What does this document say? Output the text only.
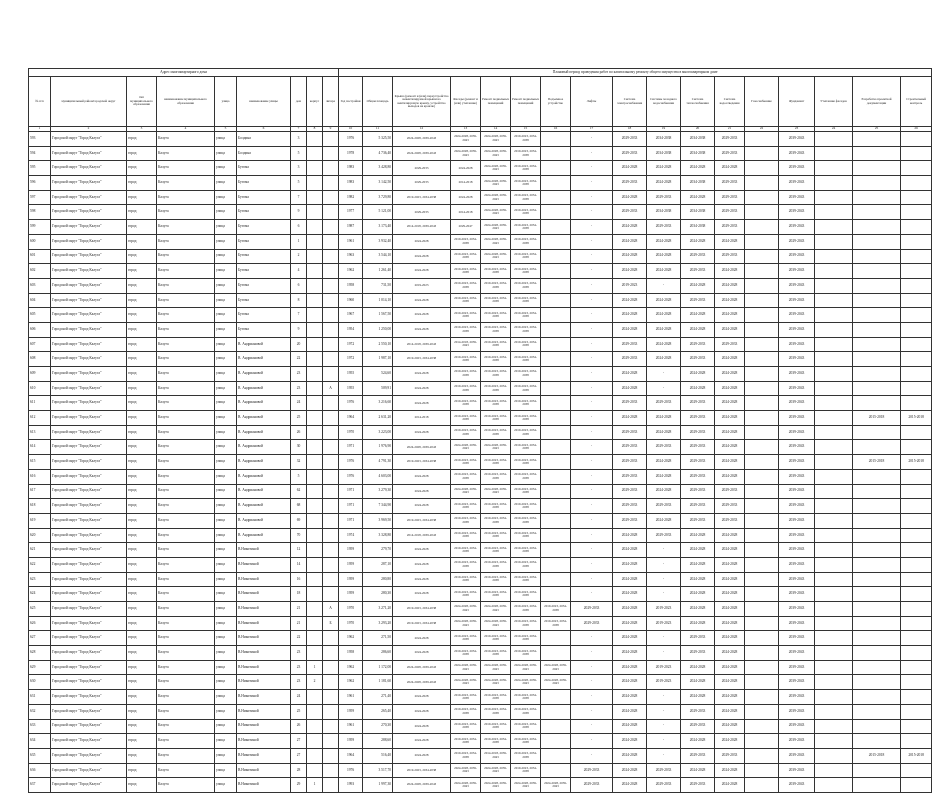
Адрес многоквартирного дома									Плановый период проведения работ по капитальному ремонту общего имущества в многоквартирном доме																
№ п/п	муниципальный район/городской округ	тип муниципального образования	наименование муниципального образования	улица	наименование улицы	дом	корпус	литера	Год постройки	Общая площадь	Крыша (ремонт и (или) переустройство невентилируемой крыши на вентилируемую крышу, устройство выходов на кровлю)	Фасады (ремонт и (или) утепление)	Ремонт подвальных помещений	Ремонт подвальных помещений	Подъемное устройство	Лифты	Система электроснабжения	Системы холодного водоснабжения	Система теплоснабжения	Система водоотведения	Газоснабжение	Фундамент	Утепление фасадов	Разработка проектной документации	Строительный контроль
1	2	3	4	5	6	7	8	9	10	11	12	13	14	15	16	17	18	19	20	21	22	23	24	25	26
593	Городской округ "Город Калуга"	город	Калуга	улица	Болдина	3			1976	5 325,50	2024-2028, 2039-2043	2024-2028, 2039-2043	2024-2028, 2039-2043	2019-2023, 2034-2038		-	2029-2033	2034-2038	2034-2038	2029-2033		2039-2043			
594	Городской округ "Город Калуга"	город	Калуга	улица	Болдина	5			1978	4 736,40	2024-2028, 2039-2043	2024-2028, 2039-2043	2024-2028, 2039-2043	2019-2023, 2034-2038		-	2029-2033	2034-2038	2034-2038	2029-2033		2039-2043			
595	Городской округ "Город Калуга"	город	Калуга	улица	Бутома	3			1983	3 428,80	2029-2033	2024-2028	2024-2028, 2039-2043	2019-2023, 2034-2038		-	2024-2028	2024-2028	2024-2028	2024-2028		2039-2043			
596	Городской округ "Город Калуга"	город	Калуга	улица	Бутома	5			1983	3 142,50	2029-2033	2014-2018	2024-2028, 2039-2043	2019-2023, 2034-2038		-	2029-2033	2024-2028	2034-2038	2029-2033		2039-2043			
597	Городской округ "Город Калуга"	город	Калуга	улица	Бутома	7			1982	3 729,80	2019-2023, 2034-2038	2024-2028	2024-2028, 2039-2043	2019-2023, 2034-2038		-	2024-2028	2029-2033	2024-2028	2029-2033		2039-2043			
598	Городской округ "Город Калуга"	город	Калуга	улица	Бутома	9			1977	5 121,00	2029-2033	2014-2018	2024-2028, 2039-2043	2019-2023, 2034-2038		-	2029-2033	2034-2038	2034-2038	2029-2033		2039-2043			
599	Городской округ "Город Калуга"	город	Калуга	улица	Бутома	6			1987	3 173,40	2014-2018, 2039-2043	2029-2047	2024-2028, 2039-2043	2019-2023, 2034-2038		-	2024-2028	2029-2033	2034-2038	2029-2033		2039-2043			
600	Городской округ "Город Калуга"	город	Калуга	улица	Бутома	1			1961	3 932,40	2024-2028	2019-2023, 2034-2038	2024-2028, 2039-2043	2019-2023, 2034-2038		-	2024-2028	2024-2028	2024-2028	2024-2028		2029-2043			
601	Городской округ "Город Калуга"	город	Калуга	улица	Бутома	2			1963	3 544,10	2024-2028	2019-2023, 2034-2038	2024-2028, 2039-2043	2019-2023, 2034-2038		-	2024-2028	2024-2028	2029-2033	2029-2033		2039-2043			
602	Городской округ "Город Калуга"	город	Калуга	улица	Бутома	4			1962	1 261,40	2024-2028	2019-2023, 2034-2038	2019-2023, 2034-2038	2019-2023, 2034-2038		-	2024-2028	2024-2028	2029-2033	2024-2028		2039-2043			
603	Городской округ "Город Калуга"	город	Калуга	улица	Бутома	6			1958	731,50	2019-2023	2019-2023, 2034-2038	2019-2023, 2034-2038	2019-2023, 2034-2038		-	2019-2023	-	2024-2028	2024-2028		2039-2043			
604	Городской округ "Город Калуга"	город	Калуга	улица	Бутома	8			1960	1 014,10	2024-2028	2019-2023, 2034-2038	2019-2023, 2034-2038	2019-2023, 2034-2038		-	2024-2028	2024-2028	2029-2033	2024-2028		2039-2043			
605	Городской округ "Город Калуга"	город	Калуга	улица	Бутома	7			1967	1 567,50	2024-2028	2019-2023, 2034-2038	2019-2023, 2034-2038	2019-2023, 2034-2038		-	2024-2028	2024-2028	2024-2028	2024-2028		2039-2043			
606	Городской округ "Город Калуга"	город	Калуга	улица	Бутома	9			1954	1 250,00	2024-2028	2019-2023, 2034-2038	2019-2023, 2034-2038	2019-2023, 2034-2038		-	2024-2028	2024-2028	2024-2028	2024-2028		2039-2043			
607	Городской округ "Город Калуга"	город	Калуга	улица	В. Андриановой	20			1972	2 550,10	2014-2018, 2039-2043	2014-2018, 2039-2043	2019-2023, 2034-2038	2019-2023, 2034-2038		-	2029-2033	2024-2028	2029-2033	2029-2033		2039-2043			
608	Городской округ "Город Калуга"	город	Калуга	улица	В. Андриановой	22			1972	1 987,10	2019-2023, 2034-2038	2019-2023, 2034-2038	2019-2023, 2034-2038	2019-2023, 2034-2038		-	2029-2033	2024-2028	2029-2033	2024-2028		2039-2043			
609	Городской округ "Город Калуга"	город	Калуга	улица	В. Андриановой	23			1955	524,60	2024-2028	2019-2023, 2034-2038	2019-2023, 2034-2038	2019-2023, 2034-2038		-	2024-2028	-	2024-2028	2024-2028		2039-2043			
610	Городской округ "Город Калуга"	город	Калуга	улица	В. Андриановой	23		А	1955	509,91	2024-2028	2019-2023, 2034-2038	2019-2023, 2034-2038	2019-2023, 2034-2038		-	2024-2028	-	2024-2028	2024-2028		2039-2043			
611	Городской округ "Город Калуга"	город	Калуга	улица	В. Андриановой	24			1976	3 216,60	2024-2028	2019-2023, 2034-2038	2019-2023, 2034-2038	2019-2023, 2034-2038		-	2029-2033	2029-2033	2029-2033	2024-2028		2039-2043			
612	Городской округ "Город Калуга"	город	Калуга	улица	В. Андриановой	25			1964	2 631,20	2014-2018	2019-2023, 2034-2038	2019-2023, 2034-2038	2019-2023, 2034-2038		-	2024-2028	2024-2028	2029-2033	2024-2028		2039-2043		2015-2018	2015-2018
613	Городской округ "Город Калуга"	город	Калуга	улица	В. Андриановой	26			1970	3 223,00	2024-2028	2019-2023, 2034-2038	2019-2023, 2034-2038	2019-2023, 2034-2038		-	2029-2033	2024-2028	2029-2033	2024-2028		2039-2043			
614	Городской округ "Город Калуга"	город	Калуга	улица	В. Андриановой	30			1971	1 976,90	2024-2028, 2039-2043	2024-2028, 2039-2043	2024-2028, 2039-2043	2019-2023, 2034-2038		-	2029-2033	2029-2033	2029-2033	2024-2028		2039-2043			
615	Городской округ "Город Калуга"	город	Калуга	улица	В. Андриановой	32			1976	4 791,30	2019-2023, 2034-2038	2019-2023, 2034-2038	2019-2023, 2034-2038	2019-2023, 2034-2038		-	2029-2033	2024-2028	2029-2033	2024-2028		2039-2043		2015-2018	2015-2018
616	Городской округ "Город Калуга"	город	Калуга	улица	В. Андриановой	5			1976	4 603,00	2024-2028	2019-2023, 2034-2038	2019-2023, 2034-2038	2019-2023, 2034-2038		-	2029-2033	2024-2028	2029-2033	2024-2028		2039-2043			
617	Городской округ "Город Калуга"	город	Калуга	улица	В. Андриановой	62			1971	3 279,30	2024-2028	2024-2028, 2039-2043	2024-2028, 2039-2043	2019-2023, 2034-2038		-	2029-2033	2024-2028	2029-2033	2029-2033		2039-2043			
618	Городской округ "Город Калуга"	город	Калуга	улица	В. Андриановой	68			1971	7 344,90	2024-2028	2019-2023, 2034-2038	2019-2023, 2034-2038	2019-2023, 2034-2038		-	2029-2033	2029-2033	2029-2033	2029-2033		2039-2043			
619	Городской округ "Город Калуга"	город	Калуга	улица	В. Андриановой	69			1971	3 969,50	2019-2023, 2034-2038	2019-2023, 2034-2038	2019-2023, 2034-2038	2019-2023, 2034-2038		-	2029-2033	2024-2028	2029-2033	2029-2033		2039-2043			
620	Городской округ "Город Калуга"	город	Калуга	улица	В. Андриановой	70			1974	3 328,80	2014-2018, 2039-2043	2019-2023, 2034-2038	2019-2023, 2034-2038	2019-2023, 2034-2038		-	2024-2028	2029-2033	2024-2028	2024-2028		2039-2043			
621	Городской округ "Город Калуга"	город	Калуга	улица	В.Никитиной	12			1959	279,70	2024-2028	2019-2023, 2034-2038	2019-2023, 2034-2038	2019-2023, 2034-2038		-	2024-2028	-	2024-2028	2024-2028		2039-2043			
622	Городской округ "Город Калуга"	город	Калуга	улица	В.Никитиной	14			1959	287,10	2024-2028	2019-2023, 2034-2038	2019-2023, 2034-2038	2019-2023, 2034-2038		-	2024-2028	-	2024-2028	2024-2028		2039-2043			
623	Городской округ "Город Калуга"	город	Калуга	улица	В.Никитиной	16			1959	280,80	2024-2028	2019-2023, 2034-2038	2019-2023, 2034-2038	2019-2023, 2034-2038		-	2024-2028	-	2024-2028	2024-2028		2039-2043			
624	Городской округ "Город Калуга"	город	Калуга	улица	В.Никитиной	18			1959	280,30	2024-2028	2019-2023, 2034-2038	2019-2023, 2034-2038	2019-2023, 2034-2038		-	2024-2028	-	2024-2028	2024-2028		2039-2043			
625	Городской округ "Город Калуга"	город	Калуга	улица	В.Никитиной	21		А	1970	3 271,20	2019-2023, 2034-2038	2024-2028, 2039-2043	2024-2028, 2039-2043	2019-2023, 2034-2038	2019-2023, 2034-2038	2029-2033	2024-2028	2019-2023	2024-2028	2024-2028		2039-2043			
626	Городской округ "Город Калуга"	город	Калуга	улица	В.Никитиной	21		Б	1970	3 293,20	2019-2023, 2034-2038	2024-2028, 2039-2043	2024-2028, 2039-2043	2019-2023, 2034-2038	2019-2023, 2034-2038	2029-2033	2024-2028	2019-2023	2024-2028	2024-2028		2039-2043			
627	Городской округ "Город Калуга"	город	Калуга	улица	В.Никитиной	22			1962	271,50	2024-2028	2019-2023, 2034-2038	2019-2023, 2034-2038	2019-2023, 2034-2038		-	2024-2028	-	2029-2033	2024-2028		2039-2043			
628	Городской округ "Город Калуга"	город	Калуга	улица	В.Никитиной	23			1958	286,60	2024-2028	2019-2023, 2034-2038	2019-2023, 2034-2038	2019-2023, 2034-2038		-	2024-2028	-	2029-2033	2024-2028		2039-2043			
629	Городской округ "Город Калуга"	город	Калуга	улица	В.Никитиной	23	1		1962	1 172,00	2024-2028, 2039-2043	2024-2028, 2039-2043	2024-2028, 2039-2043	2024-2028, 2039-2043	2024-2028, 2039-2043	-	2024-2028	2019-2023	2024-2028	2024-2028		2039-2043			
630	Городской округ "Город Калуга"	город	Калуга	улица	В.Никитиной	23	2		1962	1 181,60	2024-2028, 2039-2043	2024-2028, 2039-2043	2024-2028, 2039-2043	2024-2028, 2039-2043	2024-2028, 2039-2043	-	2024-2028	2019-2023	2024-2028	2024-2028		2039-2043			
631	Городской округ "Город Калуга"	город	Калуга	улица	В.Никитиной	24			1961	271,40	2024-2028	2019-2023, 2034-2038	2019-2023, 2034-2038	2019-2023, 2034-2038		-	2024-2028	-	2024-2028	2024-2028		2039-2043			
632	Городской округ "Город Калуга"	город	Калуга	улица	В.Никитиной	25			1959	265,40	2024-2028	2019-2023, 2034-2038	2019-2023, 2034-2038	2019-2023, 2034-2038		-	2024-2028	-	2029-2033	2024-2028		2039-2043			
633	Городской округ "Город Калуга"	город	Калуга	улица	В.Никитиной	26			1961	270,30	2024-2028	2019-2023, 2034-2038	2019-2023, 2034-2038	2019-2023, 2034-2038		-	2024-2028	-	2029-2033	2024-2028		2039-2043			
634	Городской округ "Город Калуга"	город	Калуга	улица	В.Никитиной	27			1959	288,60	2024-2028	2019-2023, 2034-2038	2019-2023, 2034-2038	2019-2023, 2034-2038		-	2024-2028	-	2024-2028	2024-2028		2039-2043			
635	Городской округ "Город Калуга"	город	Калуга	улица	В.Никитиной	27			1964	516,40	2024-2028	2019-2023, 2034-2038	2014-2018, 2039-2043	2019-2023, 2034-2038		-	2024-2028	-	2029-2033	2029-2033		2039-2043		2015-2018	2015-2018
636	Городской округ "Город Калуга"	город	Калуга	улица	В.Никитиной	28			1976	3 517,70	2019-2023, 2034-2038	2024-2028, 2039-2043	2024-2028, 2039-2043	2019-2023, 2034-2038		2029-2033	2024-2028	2029-2033	2024-2028	2024-2028		2039-2043			
637	Городской округ "Город Калуга"	город	Калуга	улица	В.Никитиной	29	1		1993	1 997,30	2024-2028, 2039-2043	2024-2028, 2039-2043	2024-2028, 2039-2043	2024-2028, 2039-2043	2024-2028, 2039-2043	2029-2033	2024-2028	2029-2033	2029-2033	2024-2028		2039-2043			
